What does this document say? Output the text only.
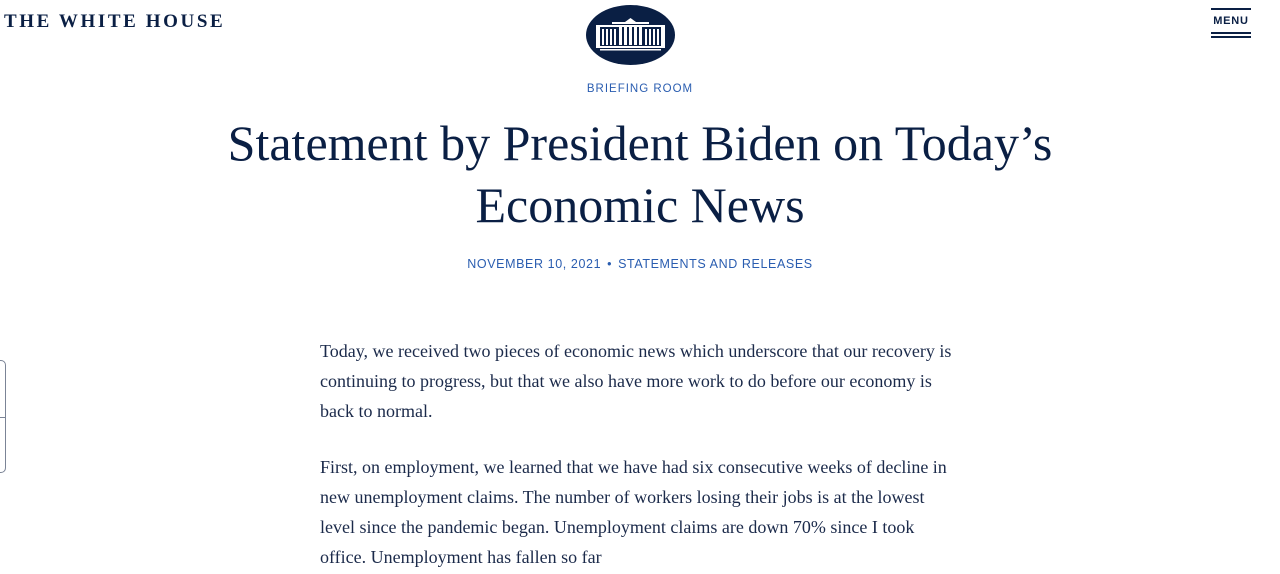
THE WHITE HOUSE	MENU
BRIEFING ROOM
Statement by President Biden on Today’s Economic News
NOVEMBER 10, 2021 • STATEMENTS AND RELEASES

Today, we received two pieces of economic news which underscore that our recovery is continuing to progress, but that we also have more work to do before our economy is back to normal.

First, on employment, we learned that we have had six consecutive weeks of decline in new unemployment claims. The number of workers losing their jobs is at the lowest level since the pandemic began. Unemployment claims are down 70% since I took office. Unemployment has fallen so far
